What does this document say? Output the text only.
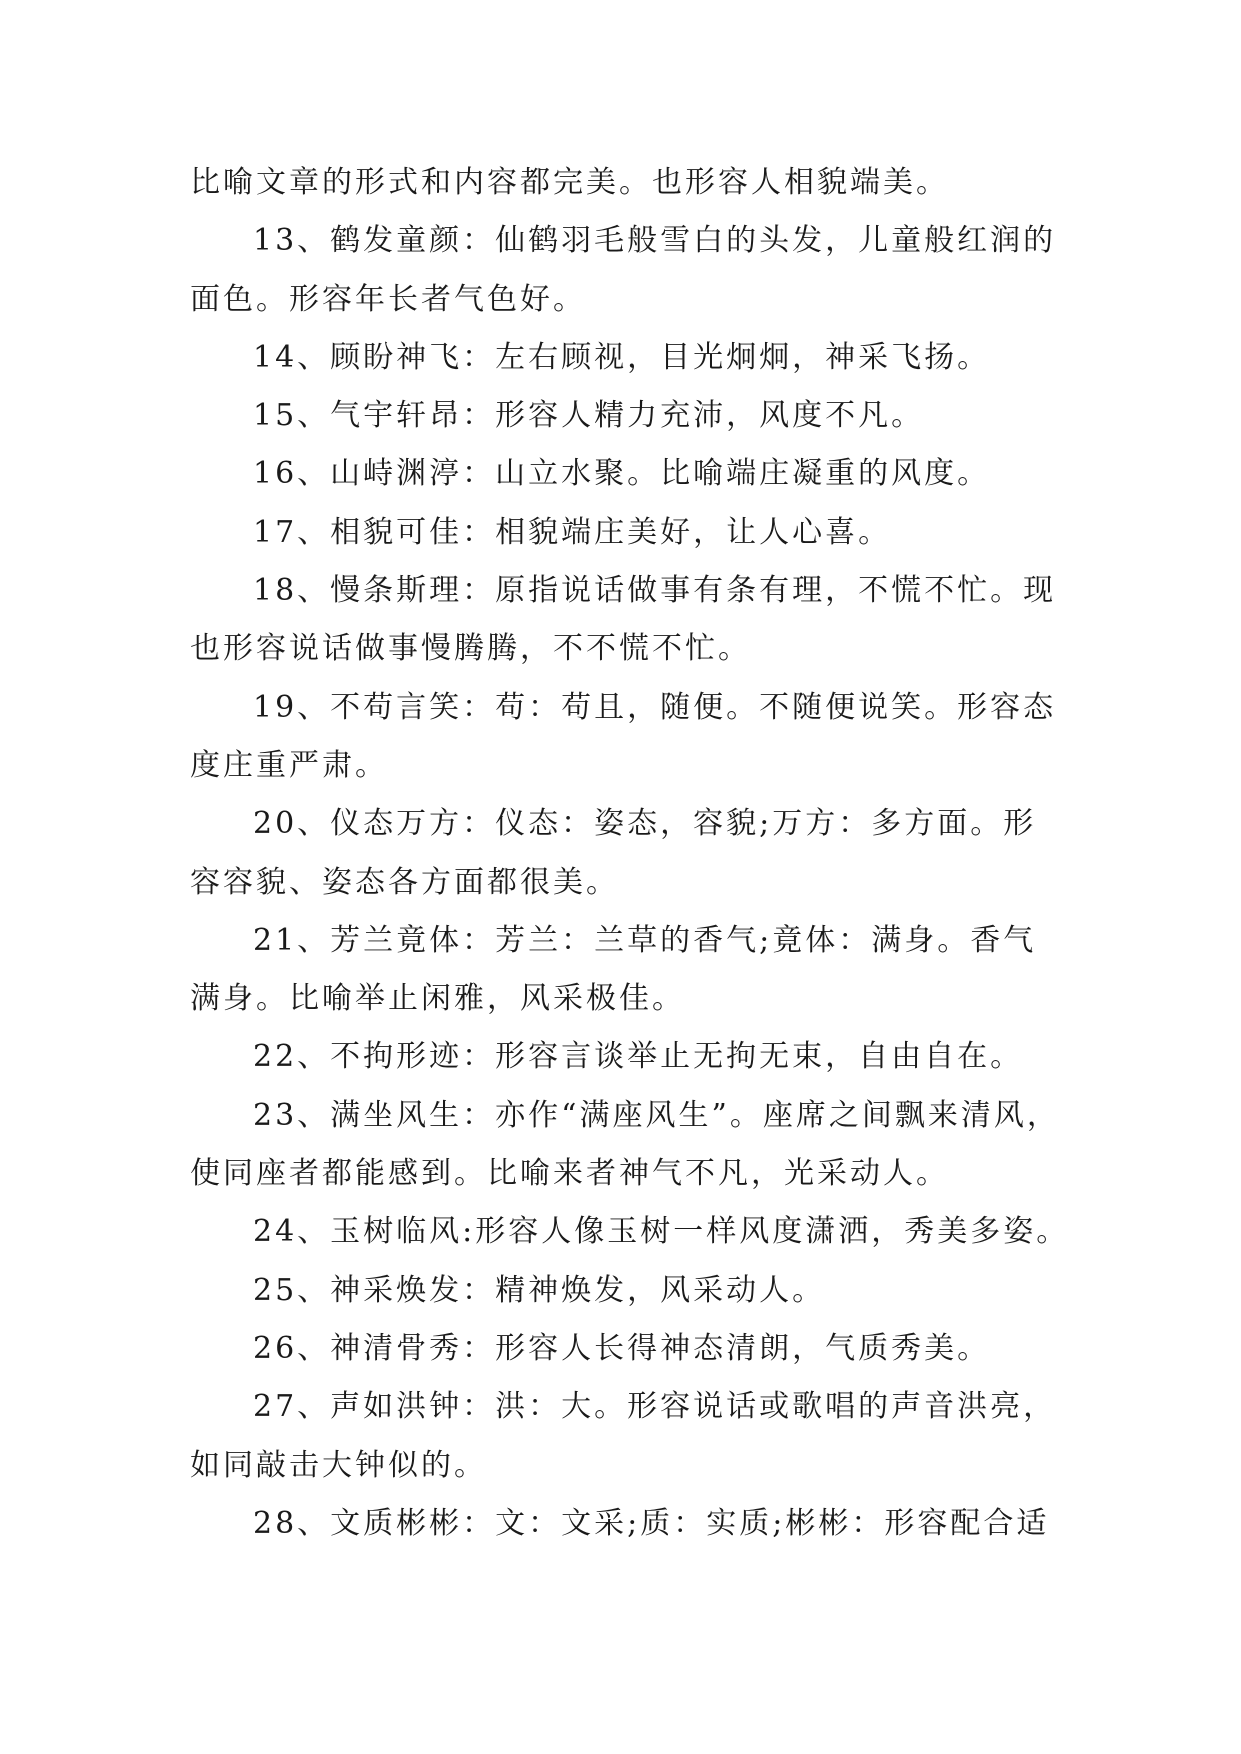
比喻文章的形式和内容都完美。也形容人相貌端美。
13、鹤发童颜：仙鹤羽毛般雪白的头发，儿童般红润的
面色。形容年长者气色好。
14、顾盼神飞：左右顾视，目光炯炯，神采飞扬。
15、气宇轩昂：形容人精力充沛，风度不凡。
16、山峙渊渟：山立水聚。比喻端庄凝重的风度。
17、相貌可佳：相貌端庄美好，让人心喜。
18、慢条斯理：原指说话做事有条有理，不慌不忙。现
也形容说话做事慢腾腾，不不慌不忙。
19、不苟言笑：苟：苟且，随便。不随便说笑。形容态
度庄重严肃。
20、仪态万方：仪态：姿态，容貌;万方：多方面。形
容容貌、姿态各方面都很美。
21、芳兰竟体：芳兰：兰草的香气;竟体：满身。香气
满身。比喻举止闲雅，风采极佳。
22、不拘形迹：形容言谈举止无拘无束，自由自在。
23、满坐风生：亦作“满座风生”。座席之间飘来清风，
使同座者都能感到。比喻来者神气不凡，光采动人。
24、玉树临风:形容人像玉树一样风度潇洒，秀美多姿。
25、神采焕发：精神焕发，风采动人。
26、神清骨秀：形容人长得神态清朗，气质秀美。
27、声如洪钟：洪：大。形容说话或歌唱的声音洪亮，
如同敲击大钟似的。
28、文质彬彬：文：文采;质：实质;彬彬：形容配合适
